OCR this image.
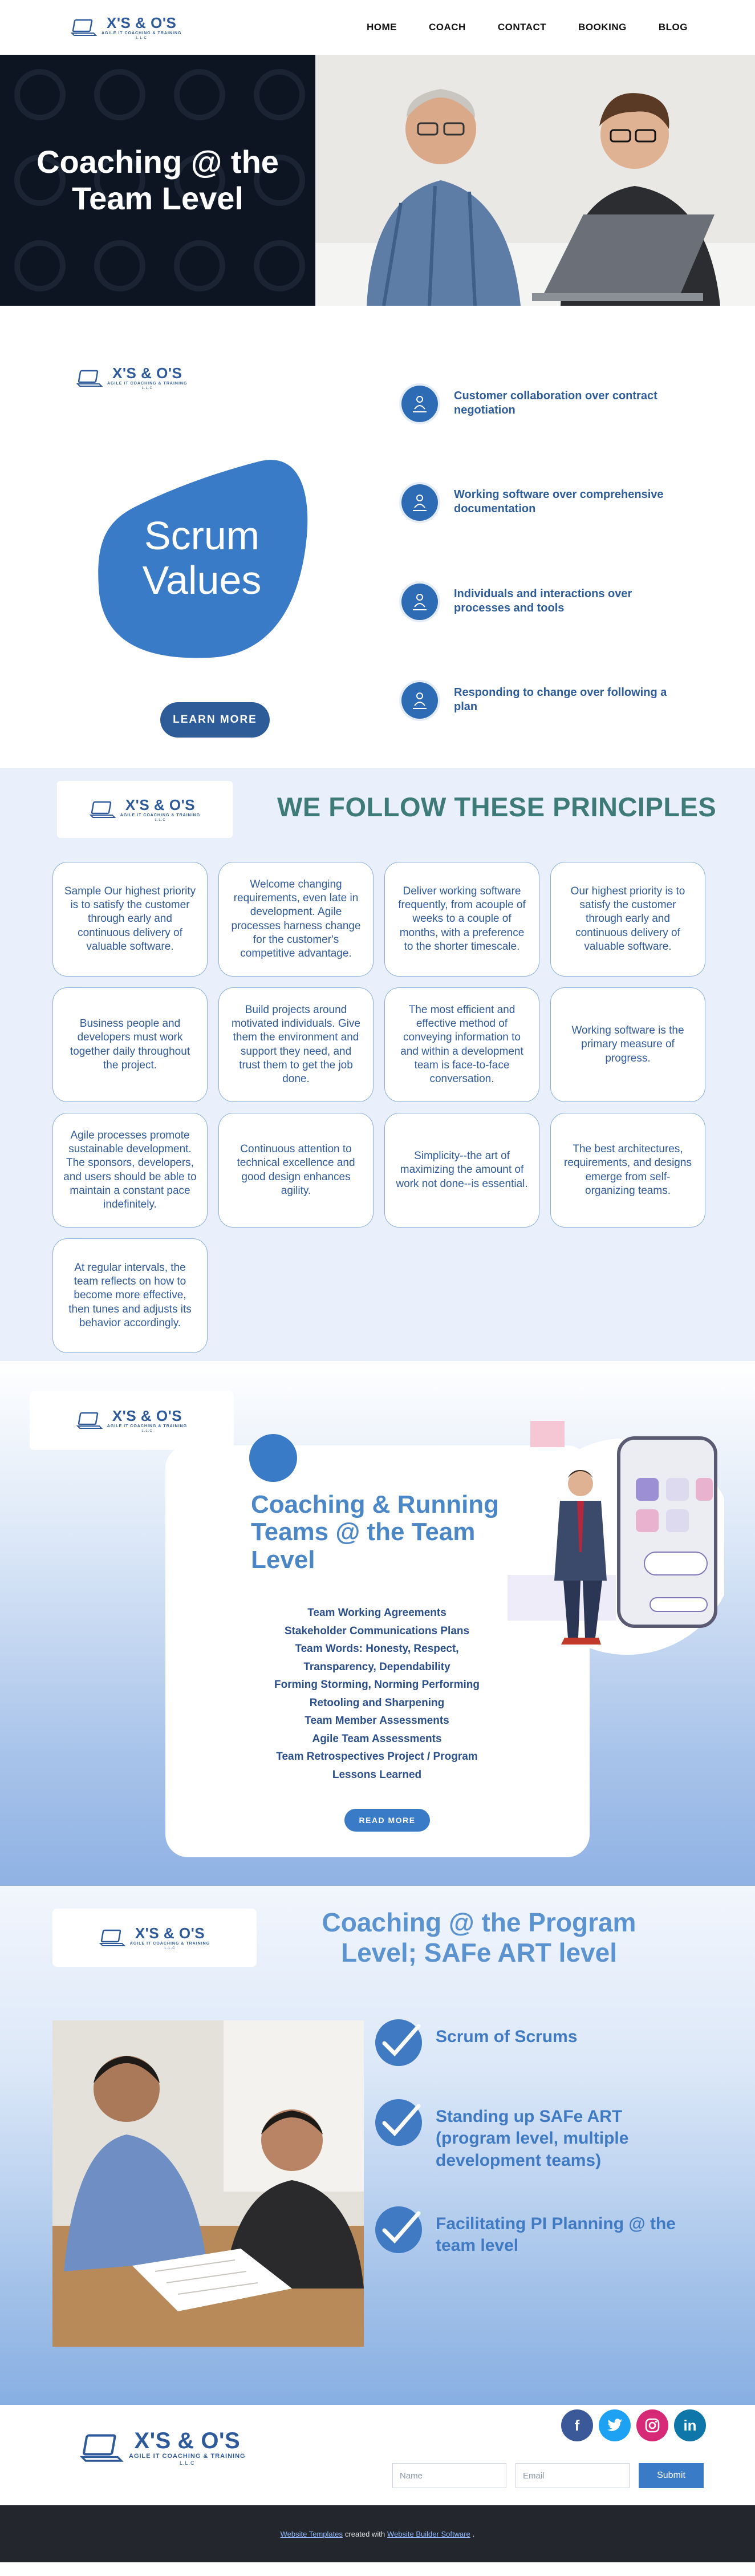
X'S & O'S
AGILE IT COACHING & TRAINING
L.L.C
HOME	COACH	CONTACT	BOOKING	BLOG
Coaching @ the Team Level
X'S & O'S
AGILE IT COACHING & TRAINING
L.L.C
Scrum Values
Customer collaboration over contract negotiation
Working software over comprehensive documentation
Individuals and interactions over processes and tools
Responding to change over following a plan
LEARN MORE
X'S & O'S
AGILE IT COACHING & TRAINING
L.L.C	WE FOLLOW THESE PRINCIPLES
Sample Our highest priority is to satisfy the customer through early and continuous delivery of valuable software.
Welcome changing requirements, even late in development. Agile processes harness change for the customer's competitive advantage.
Deliver working software frequently, from acouple of weeks to a couple of months, with a preference to the shorter timescale.
Our highest priority is to satisfy the customer through early and continuous delivery of valuable software.
Business people and developers must work together daily throughout the project.
Build projects around motivated individuals. Give them the environment and support they need, and trust them to get the job done.
The most efficient and effective method of conveying information to and within a development team is face-to-face conversation.
Working software is the primary measure of progress.
Agile processes promote sustainable development. The sponsors, developers, and users should be able to maintain a constant pace indefinitely.
Continuous attention to technical excellence and good design enhances agility.
Simplicity--the art of maximizing the amount of work not done--is essential.
The best architectures, requirements, and designs emerge from self-organizing teams.
At regular intervals, the team reflects on how to become more effective, then tunes and adjusts its behavior accordingly.
X'S & O'S
AGILE IT COACHING & TRAINING
L.L.C
Coaching & Running Teams @ the Team Level
Team Working Agreements
Stakeholder Communications Plans
Team Words: Honesty, Respect, Transparency, Dependability
Forming Storming, Norming Performing
Retooling and Sharpening
Team Member Assessments
Agile Team Assessments
Team Retrospectives Project / Program Lessons Learned
READ MORE
X'S & O'S
AGILE IT COACHING & TRAINING
L.L.C
Coaching @ the Program Level; SAFe ART level
Scrum of Scrums
Standing up SAFe ART (program level, multiple development teams)
Facilitating PI Planning @ the team level
X'S & O'S
AGILE IT COACHING & TRAINING
L.L.C
f	in
Name
Email
Submit
Website Templates created with Website Builder Software .
